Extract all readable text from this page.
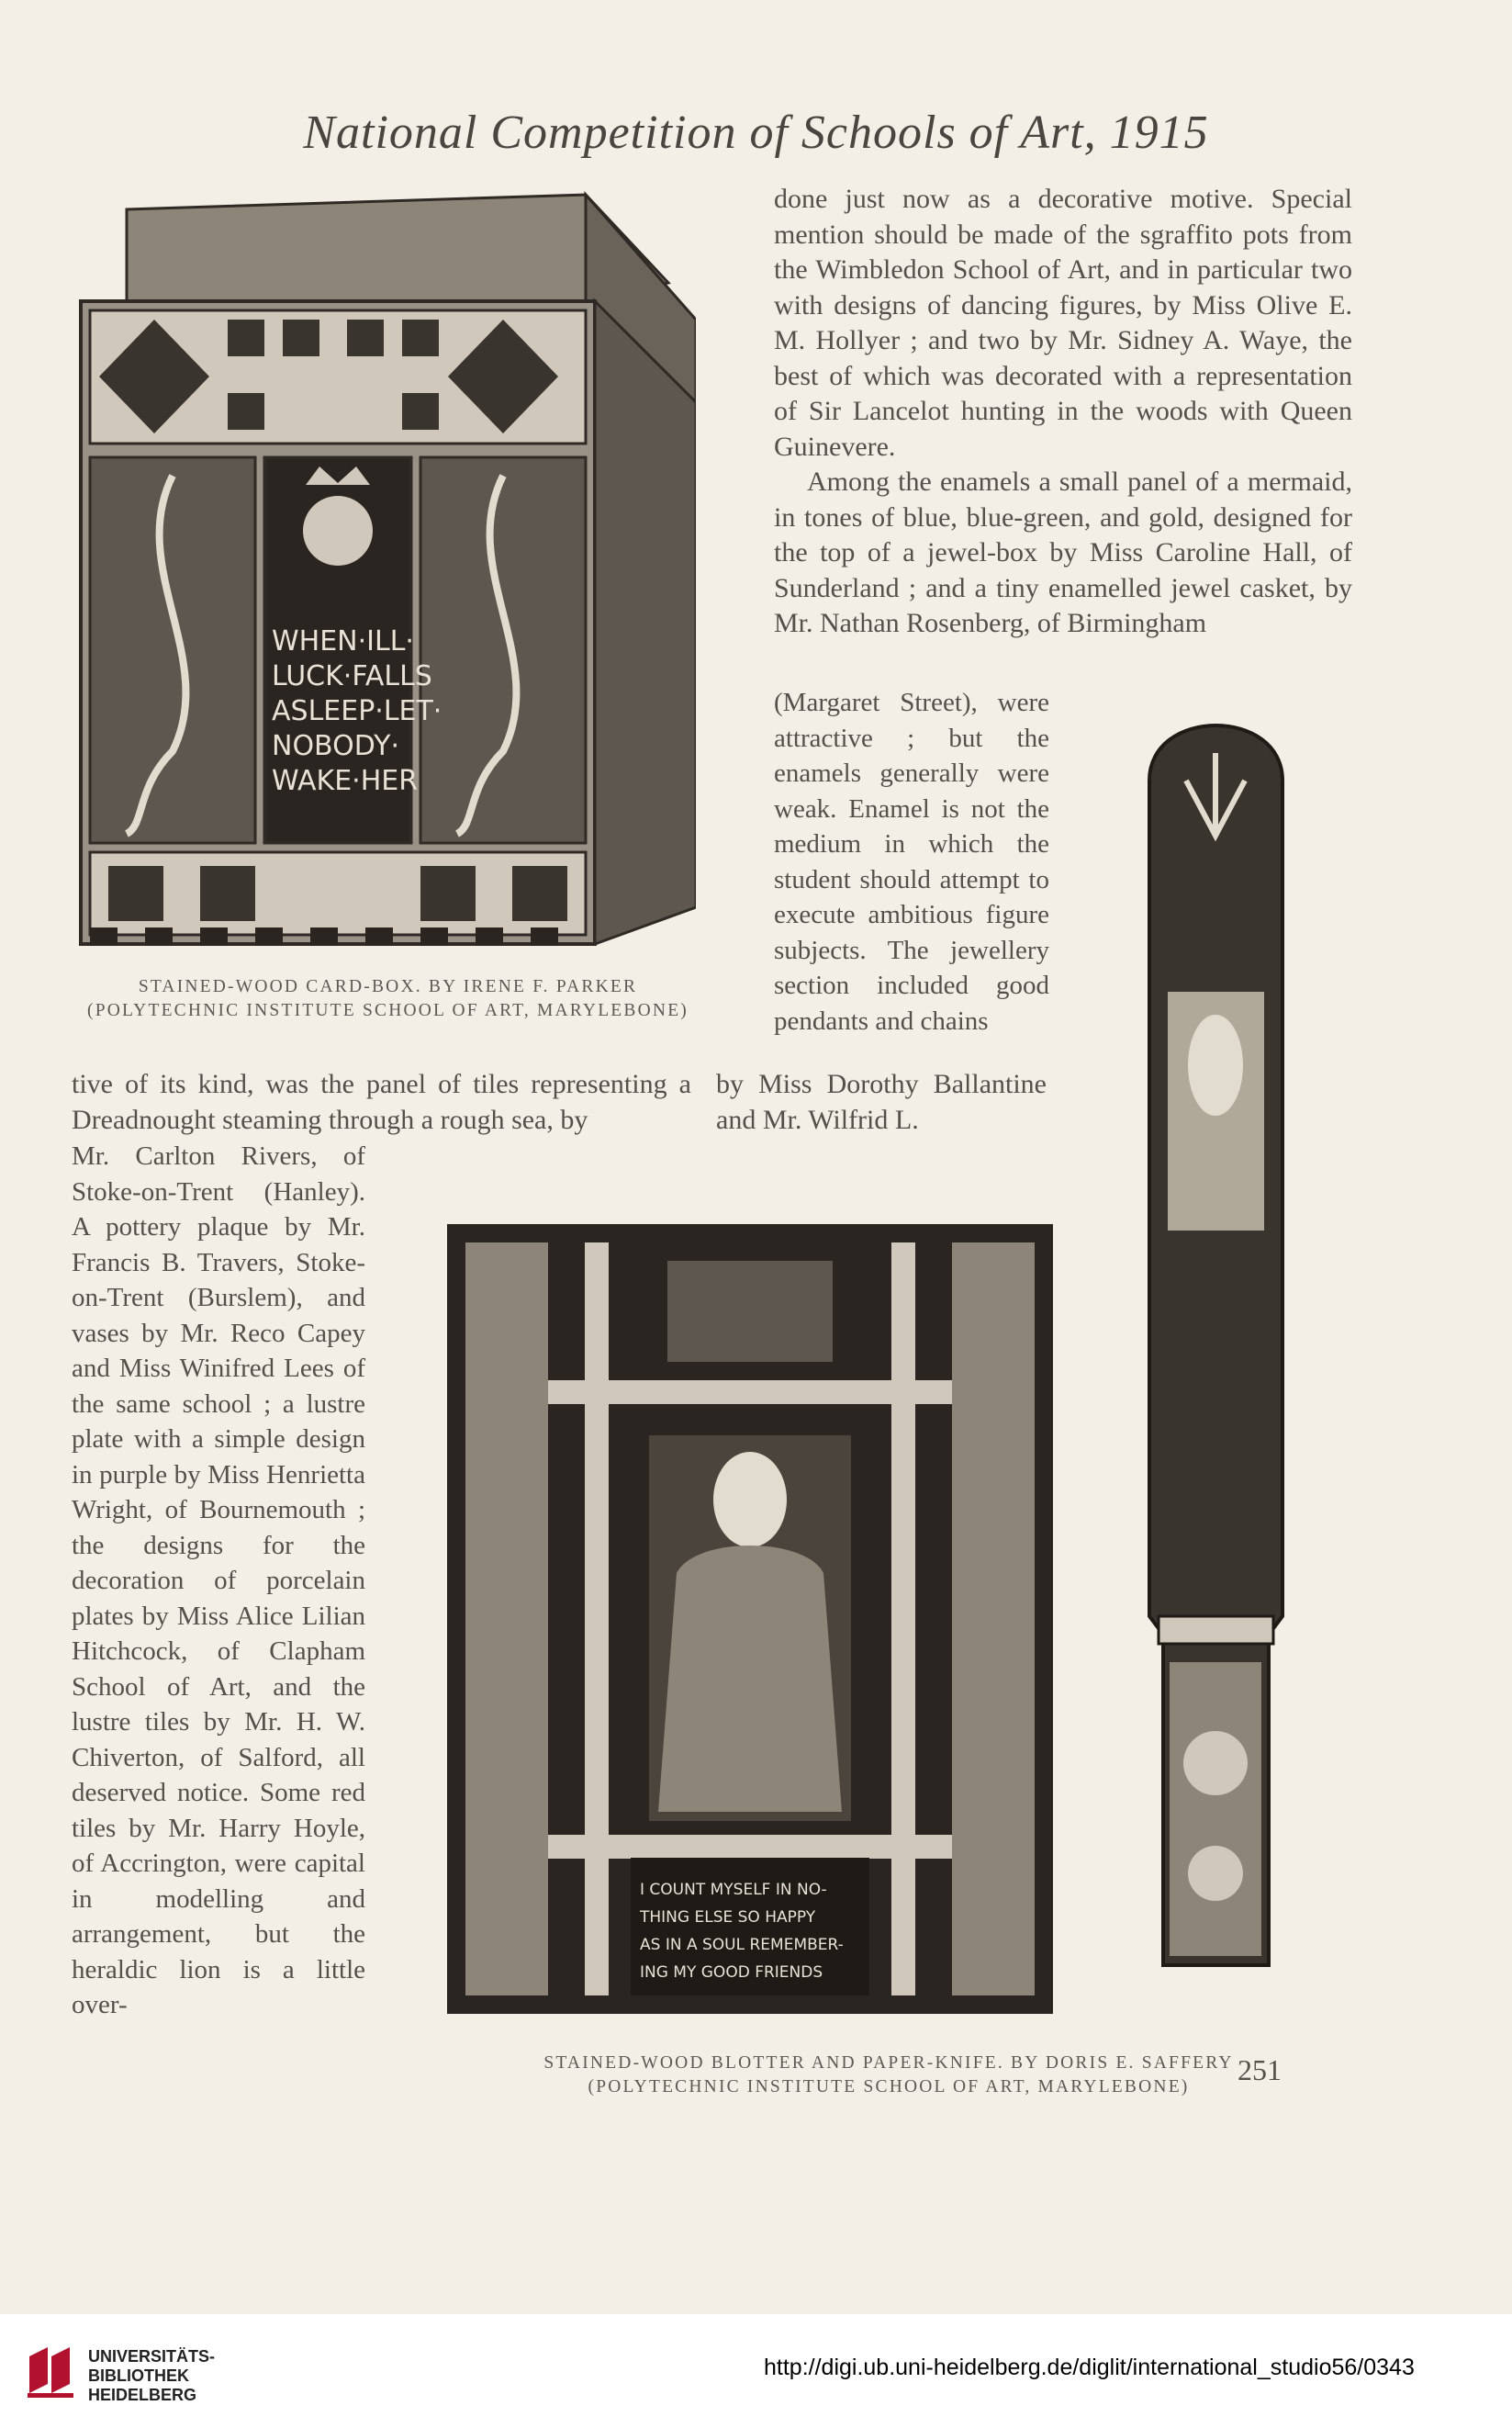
National Competition of Schools of Art, 1915
WHEN·ILL·
LUCK·FALLS
ASLEEP·LET·
NOBODY·
WAKE·HER
STAINED-WOOD CARD-BOX. BY IRENE F. PARKER (POLYTECHNIC INSTITUTE SCHOOL OF ART, MARYLEBONE)

done just now as a decorative motive. Special mention should be made of the sgraffito pots from the Wimbledon School of Art, and in particular two with designs of dancing figures, by Miss Olive E. M. Hollyer ; and two by Mr. Sidney A. Waye, the best of which was decorated with a representation of Sir Lancelot hunting in the woods with Queen Guinevere.

Among the enamels a small panel of a mermaid, in tones of blue, blue-green, and gold, designed for the top of a jewel-box by Miss Caroline Hall, of Sunderland ; and a tiny enamelled jewel casket, by Mr. Nathan Rosenberg, of Birmingham

(Margaret Street), were attractive ; but the enamels generally were weak. Enamel is not the medium in which the student should attempt to execute ambitious figure subjects. The jewellery section included good pendants and chains

tive of its kind, was the panel of tiles representing a Dreadnought steaming through a rough sea, by

by Miss Dorothy Ballantine and Mr. Wilfrid L.

Mr. Carlton Rivers, of Stoke-on-Trent (Hanley). A pottery plaque by Mr. Francis B. Travers, Stoke-on-Trent (Burslem), and vases by Mr. Reco Capey and Miss Winifred Lees of the same school ; a lustre plate with a simple design in purple by Miss Henrietta Wright, of Bournemouth ; the designs for the decoration of porcelain plates by Miss Alice Lilian Hitchcock, of Clapham School of Art, and the lustre tiles by Mr. H. W. Chiverton, of Salford, all deserved notice. Some red tiles by Mr. Harry Hoyle, of Accrington, were capital in modelling and arrangement, but the heraldic lion is a little over-

I COUNT MYSELF IN NO-
THING ELSE SO HAPPY
AS IN A SOUL REMEMBER-
ING MY GOOD FRIENDS
STAINED-WOOD BLOTTER AND PAPER-KNIFE. BY DORIS E. SAFFERY (POLYTECHNIC INSTITUTE SCHOOL OF ART, MARYLEBONE)
251
UNIVERSITÄTS-
BIBLIOTHEK
HEIDELBERG
http://digi.ub.uni-heidelberg.de/diglit/international_studio56/0343
